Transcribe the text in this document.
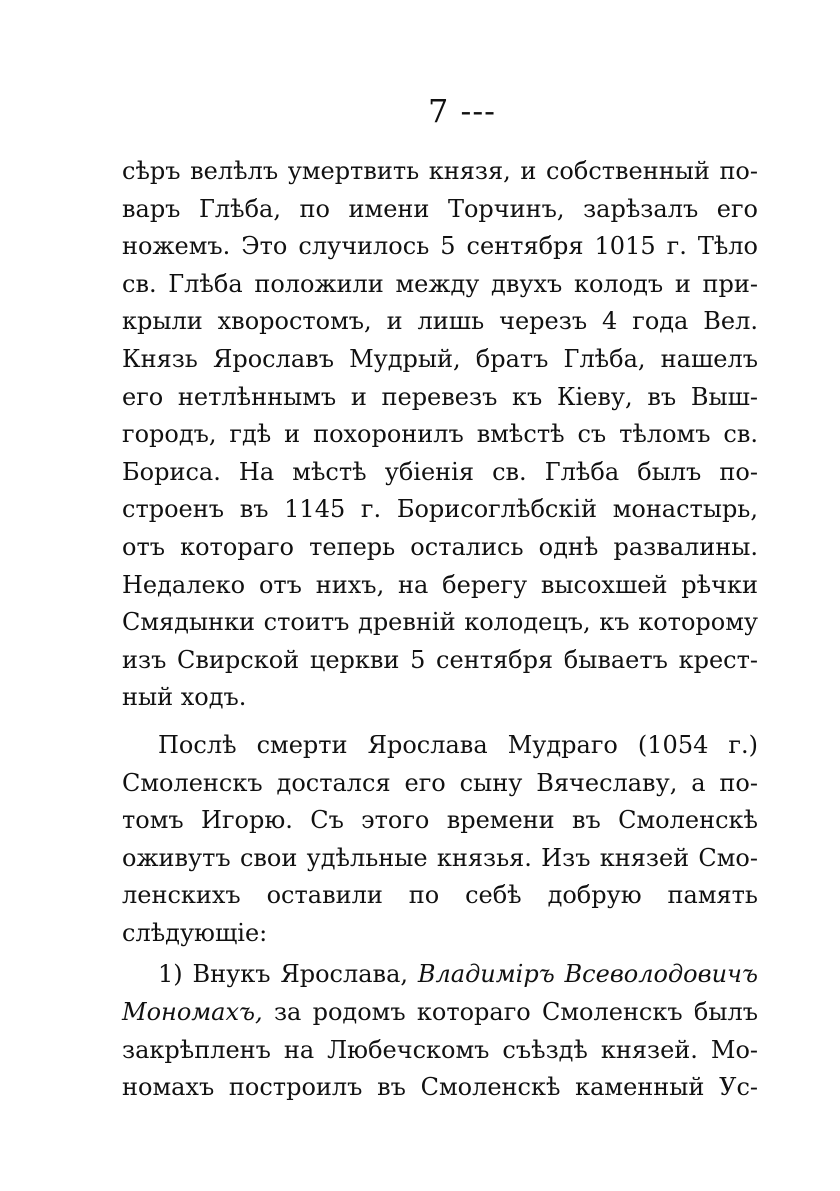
7 ---
сѣръ велѣлъ умертвить князя, и собственный по-
варъ Глѣба, по имени Торчинъ, зарѣзалъ его
ножемъ. Это случилось 5 сентября 1015 г. Тѣло
св. Глѣба положили между двухъ колодъ и при-
крыли хворостомъ, и лишь черезъ 4 года Вел.
Князь Ярославъ Мудрый, братъ Глѣба, нашелъ
его нетлѣннымъ и перевезъ къ Кіеву, въ Выш-
городъ, гдѣ и похоронилъ вмѣстѣ съ тѣломъ св.
Бориса. На мѣстѣ убіенія св. Глѣба былъ по-
строенъ въ 1145 г. Борисоглѣбскій монастырь,
отъ котораго теперь остались однѣ развалины.
Недалеко отъ нихъ, на берегу высохшей рѣчки
Смядынки стоитъ древній колодецъ, къ которому
изъ Свирской церкви 5 сентября бываетъ крест-
ный ходъ.
Послѣ смерти Ярослава Мудраго (1054 г.)
Смоленскъ достался его сыну Вячеславу, а по-
томъ Игорю. Съ этого времени въ Смоленскѣ
оживутъ свои удѣльные князья. Изъ князей Смо-
ленскихъ оставили по себѣ добрую память
слѣдующіе:
1) Внукъ Ярослава, Владиміръ Всеволодовичъ
Мономахъ, за родомъ котораго Смоленскъ былъ
закрѣпленъ на Любечскомъ съѣздѣ князей. Мо-
номахъ построилъ въ Смоленскѣ каменный Ус-
